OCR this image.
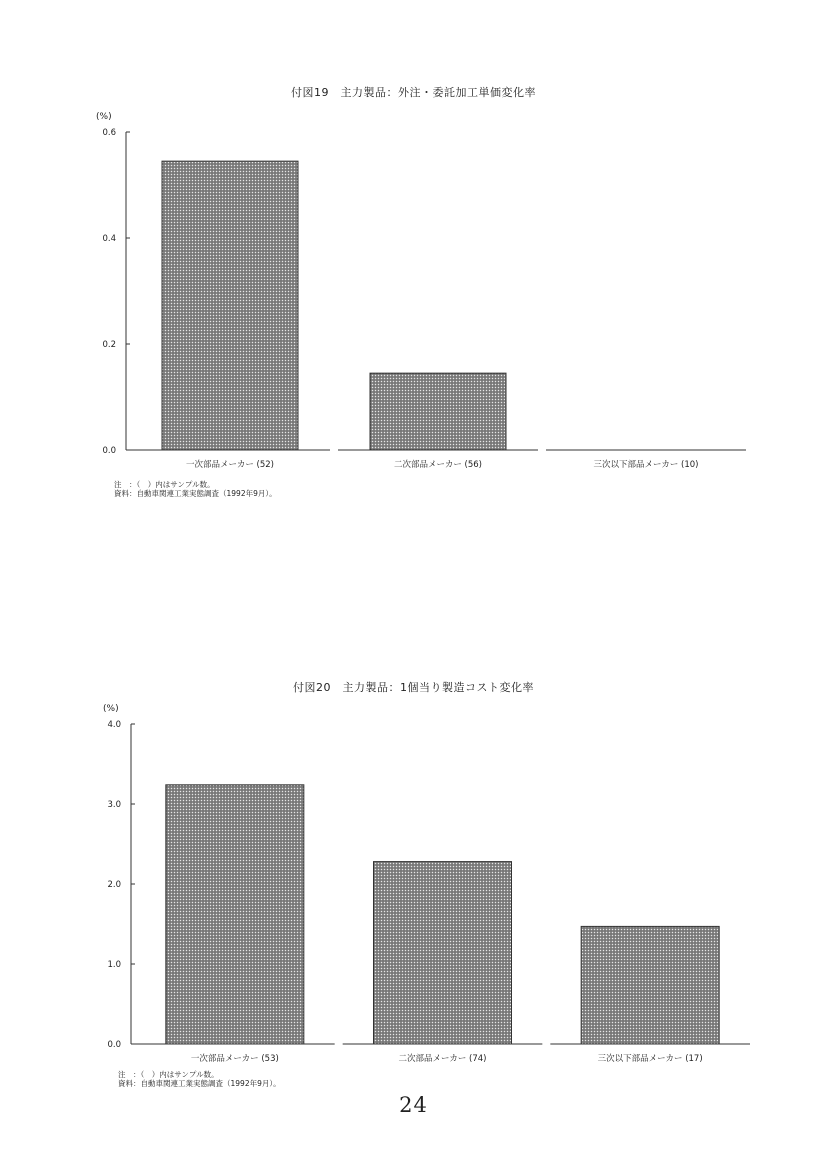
付図19　主力製品：外注・委託加工単価変化率
(%)
0.0
0.2
0.4
0.6
一次部品メーカー (52)	二次部品メーカー (56)	三次以下部品メーカー (10)
注　：（　）内はサンプル数。
資料：自動車関連工業実態調査（1992年9月）。
付図20　主力製品：1個当り製造コスト変化率
(%)
0.0
1.0
2.0
3.0
4.0
一次部品メーカー (53)	二次部品メーカー (74)	三次以下部品メーカー (17)
注　：（　）内はサンプル数。
資料：自動車関連工業実態調査（1992年9月）。
24
